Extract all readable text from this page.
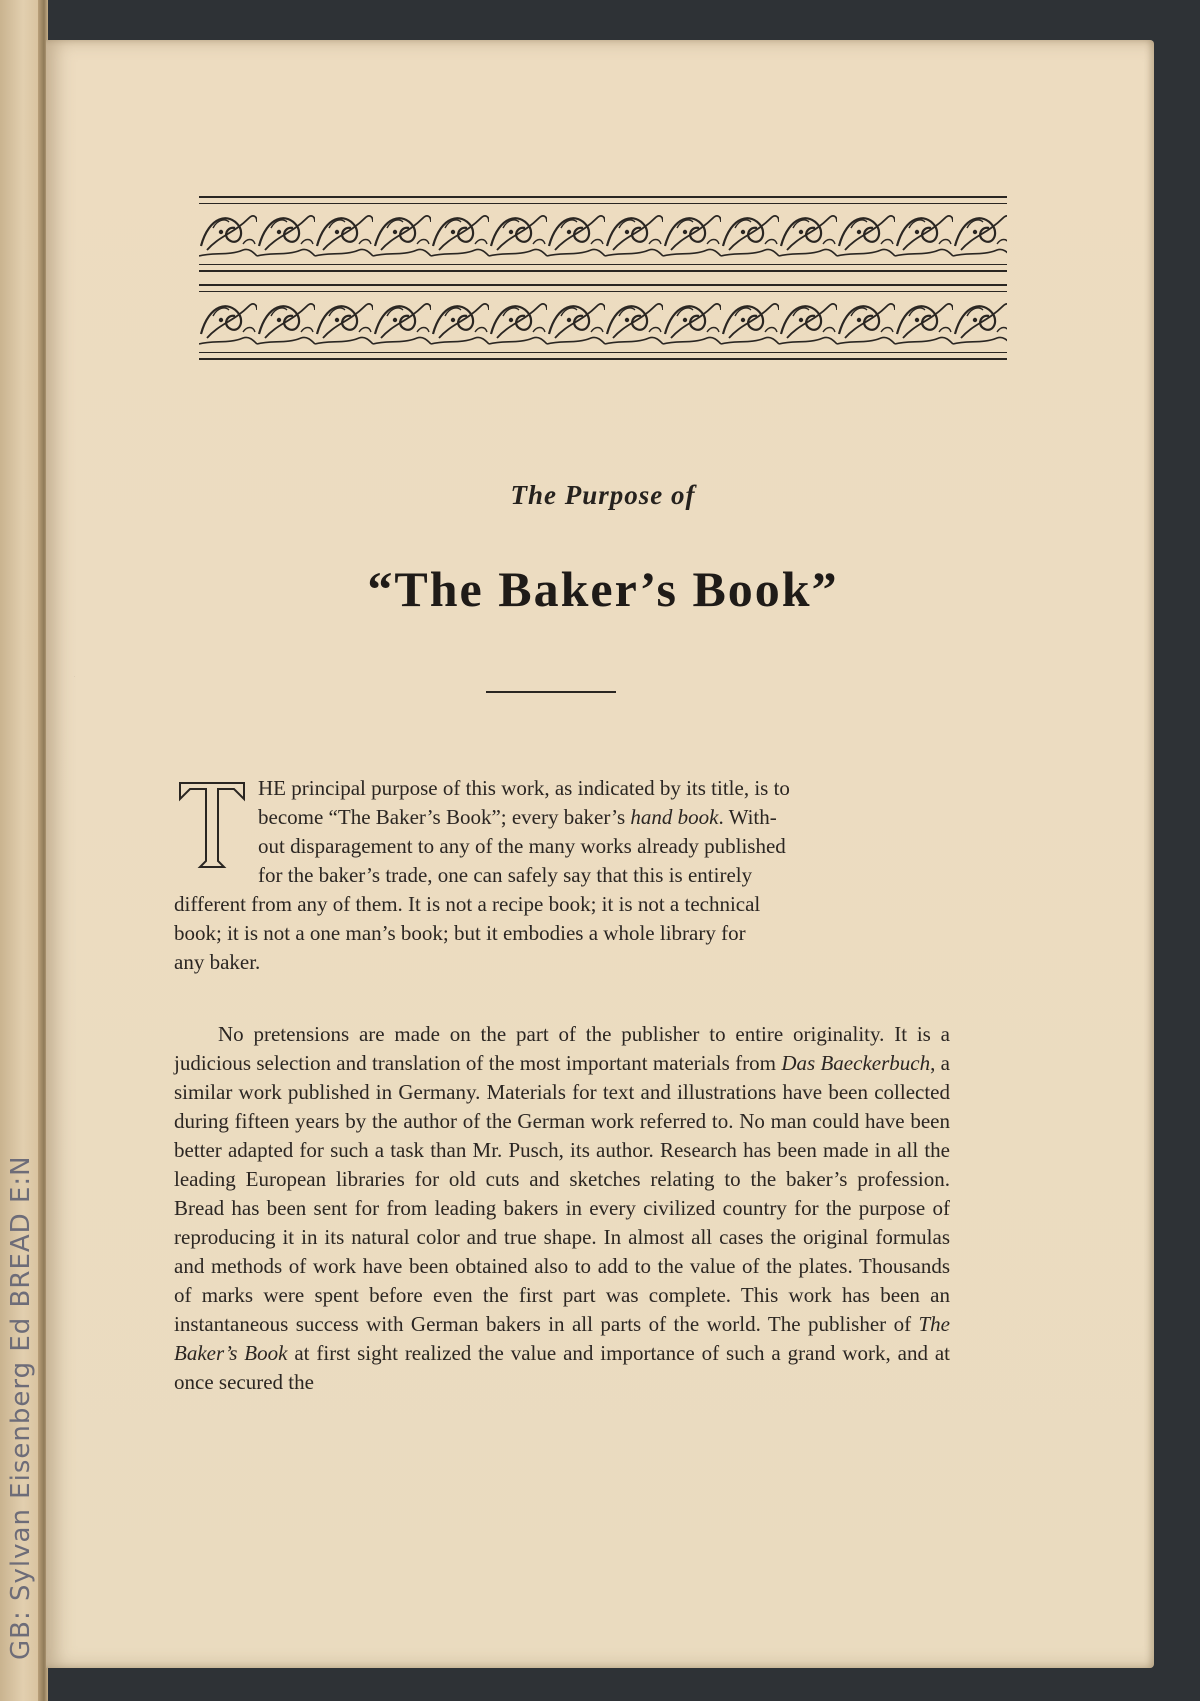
GB: Sylvan Eisenberg Ed BREAD E:N
The Purpose of
“The Baker’s Book”
T
HE principal purpose of this work, as indicated by its title, is to
become “The Baker’s Book”; every baker’s hand book. With-
out disparagement to any of the many works already published
for the baker’s trade, one can safely say that this is entirely
different from any of them. It is not a recipe book; it is not a technical
book; it is not a one man’s book; but it embodies a whole library for
any baker.

No pretensions are made on the part of the publisher to entire originality. It is a judicious selection and translation of the most important materials from Das Baeckerbuch, a similar work published in Germany. Materials for text and illustrations have been collected during fifteen years by the author of the German work referred to. No man could have been better adapted for such a task than Mr. Pusch, its author. Research has been made in all the leading European libraries for old cuts and sketches relating to the baker’s profession. Bread has been sent for from leading bakers in every civilized country for the purpose of reproducing it in its natural color and true shape. In almost all cases the original formulas and methods of work have been obtained also to add to the value of the plates. Thousands of marks were spent before even the first part was complete. This work has been an instantaneous success with German bakers in all parts of the world. The publisher of The Baker’s Book at first sight realized the value and importance of such a grand work, and at once secured the
